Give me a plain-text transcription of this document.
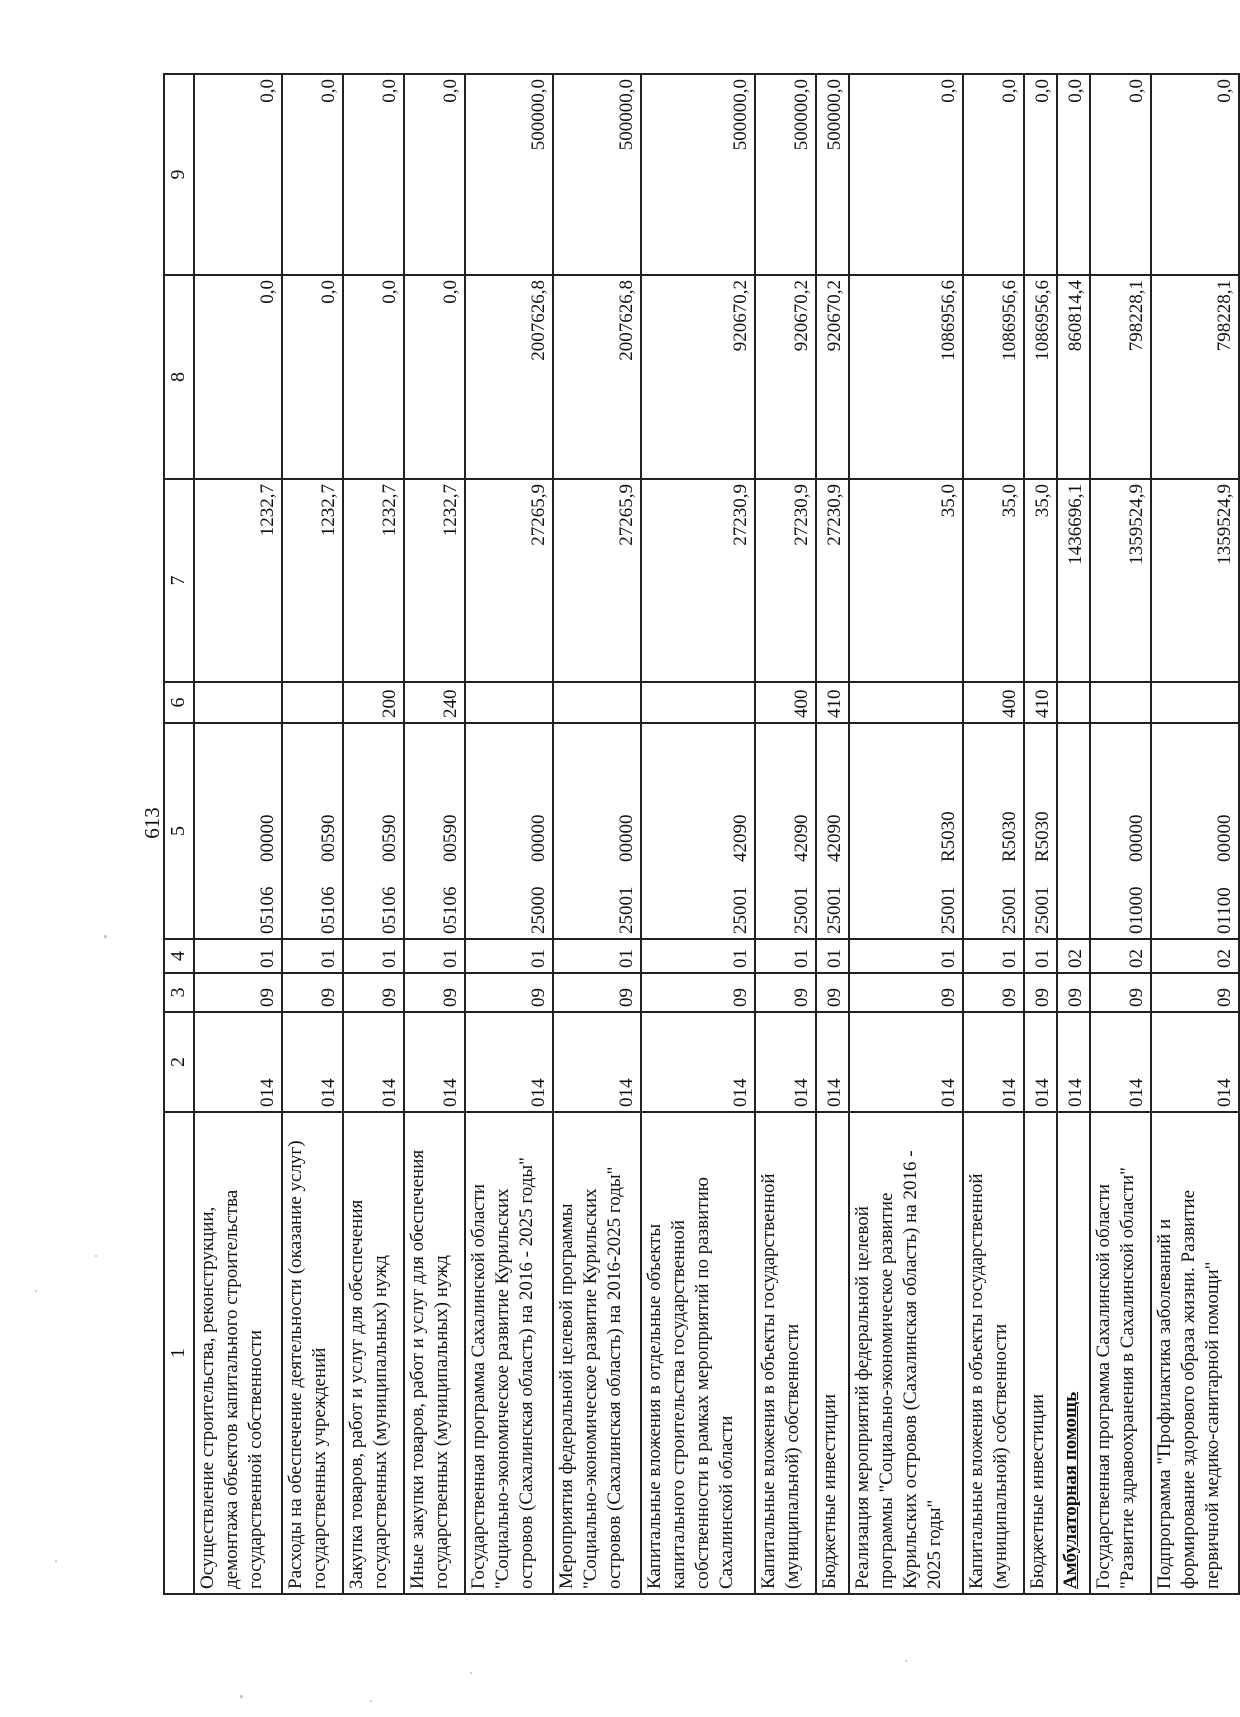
613
1	2	3	4	5	6	7	8	9
Осуществление строительства, реконструкции, демонтажа объектов капитального строительства государственной собственности	014	09	01	0510600000		1232,7	0,0	0,0
Расходы на обеспечение деятельности (оказание услуг) государственных учреждений	014	09	01	0510600590		1232,7	0,0	0,0
Закупка товаров, работ и услуг для обеспечения государственных (муниципальных) нужд	014	09	01	0510600590	200	1232,7	0,0	0,0
Иные закупки товаров, работ и услуг для обеспечения государственных (муниципальных) нужд	014	09	01	0510600590	240	1232,7	0,0	0,0
Государственная программа Сахалинской области "Социально-экономическое развитие Курильских островов (Сахалинская область) на 2016 - 2025 годы"	014	09	01	2500000000		27265,9	2007626,8	500000,0
Мероприятия федеральной целевой программы "Социально-экономическое развитие Курильских островов (Сахалинская область) на 2016-2025 годы"	014	09	01	2500100000		27265,9	2007626,8	500000,0
Капитальные вложения в отдельные объекты капитального строительства государственной собственности в рамках мероприятий по развитию Сахалинской области	014	09	01	2500142090		27230,9	920670,2	500000,0
Капитальные вложения в объекты государственной (муниципальной) собственности	014	09	01	2500142090	400	27230,9	920670,2	500000,0
Бюджетные инвестиции	014	09	01	2500142090	410	27230,9	920670,2	500000,0
Реализация мероприятий федеральной целевой программы "Социально-экономическое развитие Курильских островов (Сахалинская область) на 2016 - 2025 годы"	014	09	01	25001R5030		35,0	1086956,6	0,0
Капитальные вложения в объекты государственной (муниципальной) собственности	014	09	01	25001R5030	400	35,0	1086956,6	0,0
Бюджетные инвестиции	014	09	01	25001R5030	410	35,0	1086956,6	0,0
Амбулаторная помощь	014	09	02			1436696,1	860814,4	0,0
Государственная программа Сахалинской области "Развитие здравоохранения в Сахалинской области"	014	09	02	0100000000		1359524,9	798228,1	0,0
Подпрограмма "Профилактика заболеваний и формирование здорового образа жизни. Развитие первичной медико-санитарной помощи"	014	09	02	0110000000		1359524,9	798228,1	0,0
